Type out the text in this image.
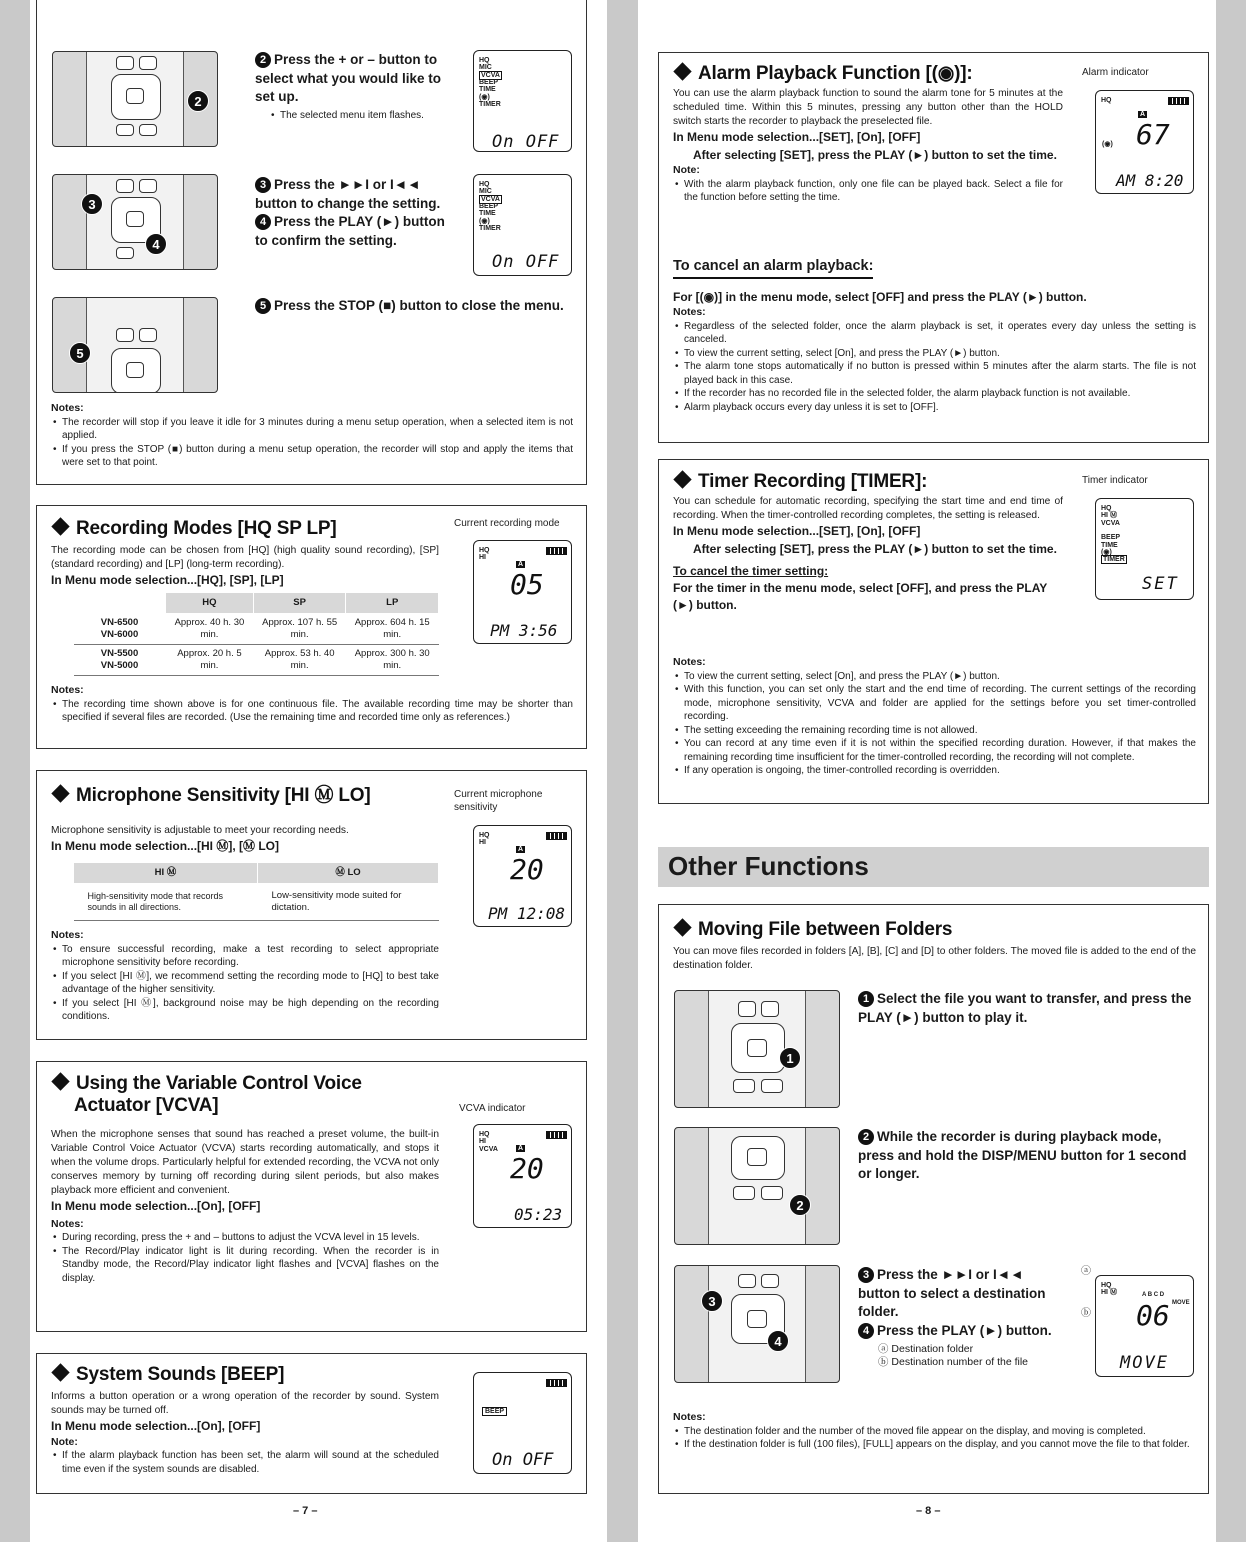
2
2 Press the + or – button to select what you would like to set up.
• The selected menu item flashes.
HQ
MIC
VCVA
BEEP
TIME
(◉)
TIMER
On OFF
3
4
3 Press the ►►I or I◄◄ button to change the setting.
4 Press the PLAY (►) button to confirm the setting.
HQ
MIC
VCVA
BEEP
TIME
(◉)
TIMER
On OFF
5
5 Press the STOP (■) button to close the menu.
Notes:
• The recorder will stop if you leave it idle for 3 minutes during a menu setup operation, when a selected item is not applied.
• If you press the STOP (■) button during a menu setup operation, the recorder will stop and apply the items that were set to that point.
Recording Modes [HQ SP LP]	Current recording mode
The recording mode can be chosen from [HQ] (high quality sound recording), [SP] (standard recording) and [LP] (long-term recording).
In Menu mode selection...[HQ], [SP], [LP]
	HQ	SP	LP
VN-6500
VN-6000	Approx. 40 h. 30 min.	Approx. 107 h. 55 min.	Approx. 604 h. 15 min.
VN-5500
VN-5000	Approx. 20 h. 5 min.	Approx. 53 h. 40 min.	Approx. 300 h. 30 min.
HQ
HI
A
05
PM 3:56
Notes:
• The recording time shown above is for one continuous file. The available recording time may be shorter than specified if several files are recorded. (Use the remaining time and recorded time only as references.)
Microphone Sensitivity [HI Ⓜ LO]	Current microphone sensitivity
Microphone sensitivity is adjustable to meet your recording needs.
In Menu mode selection...[HI Ⓜ], [Ⓜ LO]
HI Ⓜ	Ⓜ LO
High-sensitivity mode that records sounds in all directions.	Low-sensitivity mode suited for dictation.
HQ
HI
A
20
PM 12:08
Notes:
• To ensure successful recording, make a test recording to select appropriate microphone sensitivity before recording.
• If you select [HI Ⓜ], we recommend setting the recording mode to [HQ] to best take advantage of the higher sensitivity.
• If you select [HI Ⓜ], background noise may be high depending on the recording conditions.
Using the Variable Control Voice
Actuator [VCVA]	VCVA indicator
When the microphone senses that sound has reached a preset volume, the built-in Variable Control Voice Actuator (VCVA) starts recording automatically, and stops it when the volume drops. Particularly helpful for extended recording, the VCVA not only conserves memory by turning off recording during silent periods, but also makes playback more efficient and convenient.
In Menu mode selection...[On], [OFF]
Notes:
• During recording, press the + and – buttons to adjust the VCVA level in 15 levels.
• The Record/Play indicator light is lit during recording. When the recorder is in Standby mode, the Record/Play indicator light flashes and [VCVA] flashes on the display.
HQ
HI
VCVA	A
20
05:23
System Sounds [BEEP]
Informs a button operation or a wrong operation of the recorder by sound. System sounds may be turned off.
In Menu mode selection...[On], [OFF]
Note:
• If the alarm playback function has been set, the alarm will sound at the scheduled time even if the system sounds are disabled.
BEEP
On OFF
– 7 –
Alarm Playback Function [(◉)]:	Alarm indicator
You can use the alarm playback function to sound the alarm tone for 5 minutes at the scheduled time. Within this 5 minutes, pressing any button other than the HOLD switch starts the recorder to playback the preselected file.
In Menu mode selection...[SET], [On], [OFF]
After selecting [SET], press the PLAY (►) button to set the time.
Note:
• With the alarm playback function, only one file can be played back. Select a file for the function before setting the time.
HQ
A
(◉) 67
AM 8:20
To cancel an alarm playback:
For [(◉)] in the menu mode, select [OFF] and press the PLAY (►) button.
Notes:
• Regardless of the selected folder, once the alarm playback is set, it operates every day unless the setting is canceled.
• To view the current setting, select [On], and press the PLAY (►) button.
• The alarm tone stops automatically if no button is pressed within 5 minutes after the alarm starts. The file is not played back in this case.
• If the recorder has no recorded file in the selected folder, the alarm playback function is not available.
• Alarm playback occurs every day unless it is set to [OFF].
Timer Recording [TIMER]:	Timer indicator
You can schedule for automatic recording, specifying the start time and end time of recording. When the timer-controlled recording completes, the setting is released.
In Menu mode selection...[SET], [On], [OFF]
After selecting [SET], press the PLAY (►) button to set the time.
To cancel the timer setting:
For the timer in the menu mode, select [OFF], and press the PLAY (►) button.
HQ
HI Ⓜ
VCVA

BEEP
TIME
(◉)
TIMER
SET
Notes:
• To view the current setting, select [On], and press the PLAY (►) button.
• With this function, you can set only the start and the end time of recording. The current settings of the recording mode, microphone sensitivity, VCVA and folder are applied for the settings before you set timer-controlled recording.
• The setting exceeding the remaining recording time is not allowed.
• You can record at any time even if it is not within the specified recording duration. However, if that makes the remaining recording time insufficient for the timer-controlled recording, the recording will not complete.
• If any operation is ongoing, the timer-controlled recording is overridden.
Other Functions
Moving File between Folders
You can move files recorded in folders [A], [B], [C] and [D] to other folders. The moved file is added to the end of the destination folder.
1
1 Select the file you want to transfer, and press the PLAY (►) button to play it.
2
2 While the recorder is during playback mode, press and hold the DISP/MENU button for 1 second or longer.
3
4
3 Press the ►►I or I◄◄ button to select a destination folder.
4 Press the PLAY (►) button.
ⓐ Destination folder
ⓑ Destination number of the file
ⓐ
ⓑ
HQ
HI Ⓜ	A B C D
MOVE
06
MOVE
Notes:
• The destination folder and the number of the moved file appear on the display, and moving is completed.
• If the destination folder is full (100 files), [FULL] appears on the display, and you cannot move the file to that folder.
– 8 –
